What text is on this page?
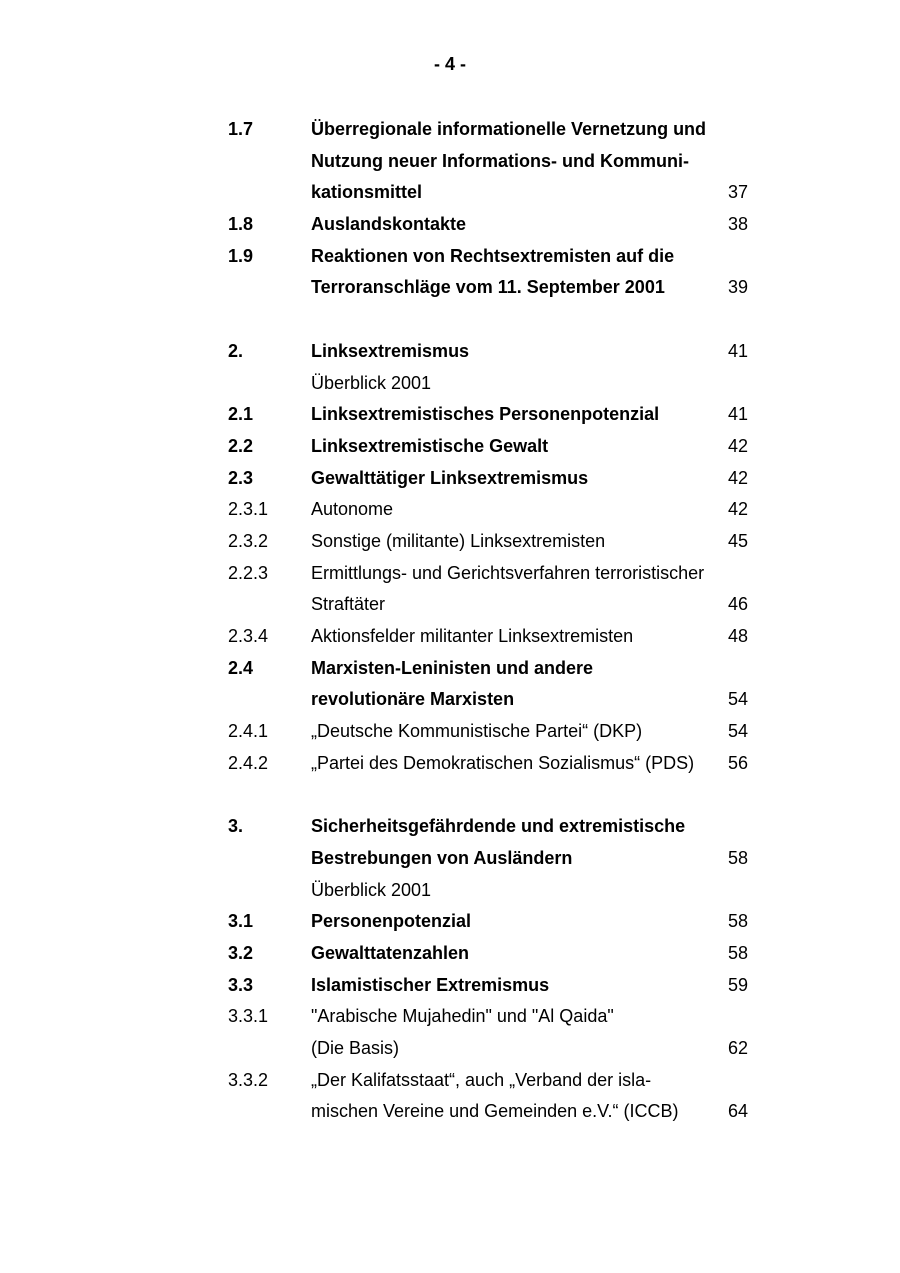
- 4 -
1.7	Überregionale informationelle Vernetzung und
Nutzung neuer Informations- und Kommuni-
kationsmittel	37
1.8	Auslandskontakte	38
1.9	Reaktionen von Rechtsextremisten auf die
Terroranschläge vom 11. September 2001	39
2.	Linksextremismus	41
Überblick 2001
2.1	Linksextremistisches Personenpotenzial	41
2.2	Linksextremistische Gewalt	42
2.3	Gewalttätiger Linksextremismus	42
2.3.1 Autonome	42
2.3.2 Sonstige (militante) Linksextremisten	45
2.2.3 Ermittlungs- und Gerichtsverfahren terroristischer
Straftäter	46
2.3.4 Aktionsfelder militanter Linksextremisten	48
2.4	Marxisten-Leninisten und andere
revolutionäre Marxisten	54
2.4.1 „Deutsche Kommunistische Partei“ (DKP)	54
2.4.2 „Partei des Demokratischen Sozialismus“ (PDS) 56
3.	Sicherheitsgefährdende und extremistische
Bestrebungen von Ausländern	58
Überblick 2001
3.1	Personenpotenzial	58
3.2	Gewalttatenzahlen	58
3.3	Islamistischer Extremismus	59
3.3.1 "Arabische Mujahedin" und "Al Qaida"
(Die Basis)	62
3.3.2 „Der Kalifatsstaat“, auch „Verband der isla-
mischen Vereine und Gemeinden e.V.“ (ICCB)	64
